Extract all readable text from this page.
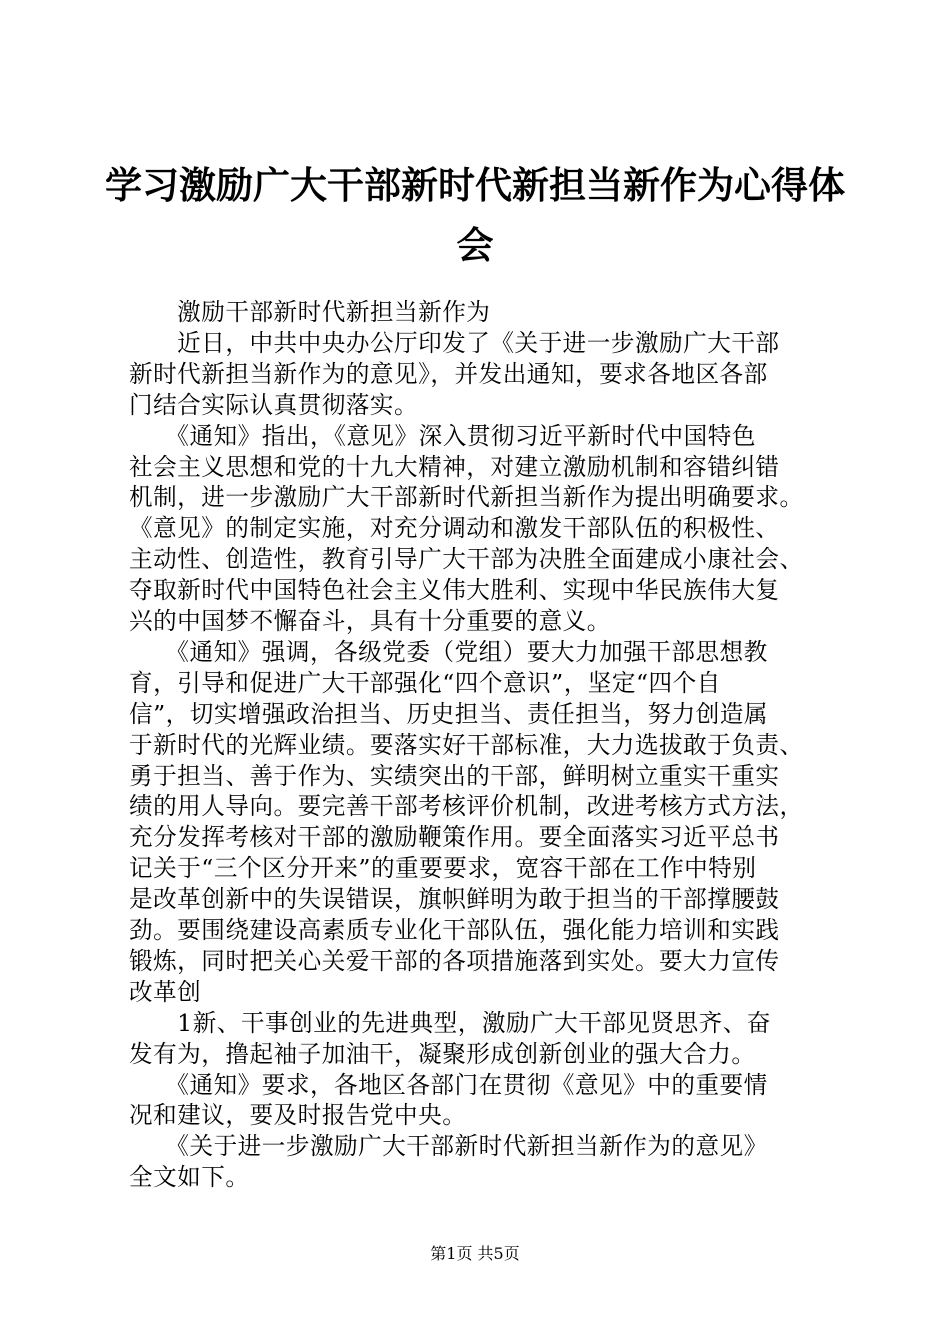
学习激励广大干部新时代新担当新作为心得体
会
　　激励干部新时代新担当新作为
　　近日，中共中央办公厅印发了《关于进一步激励广大干部
新时代新担当新作为的意见》，并发出通知，要求各地区各部
门结合实际认真贯彻落实。
　　《通知》指出，《意见》深入贯彻习近平新时代中国特色
社会主义思想和党的十九大精神，对建立激励机制和容错纠错
机制，进一步激励广大干部新时代新担当新作为提出明确要求。
《意见》的制定实施，对充分调动和激发干部队伍的积极性、
主动性、创造性，教育引导广大干部为决胜全面建成小康社会、
夺取新时代中国特色社会主义伟大胜利、实现中华民族伟大复
兴的中国梦不懈奋斗，具有十分重要的意义。
　　《通知》强调，各级党委（党组）要大力加强干部思想教
育，引导和促进广大干部强化“四个意识”，坚定“四个自
信”，切实增强政治担当、历史担当、责任担当，努力创造属
于新时代的光辉业绩。要落实好干部标准，大力选拔敢于负责、
勇于担当、善于作为、实绩突出的干部，鲜明树立重实干重实
绩的用人导向。要完善干部考核评价机制，改进考核方式方法，
充分发挥考核对干部的激励鞭策作用。要全面落实习近平总书
记关于“三个区分开来”的重要要求，宽容干部在工作中特别
是改革创新中的失误错误，旗帜鲜明为敢于担当的干部撑腰鼓
劲。要围绕建设高素质专业化干部队伍，强化能力培训和实践
锻炼，同时把关心关爱干部的各项措施落到实处。要大力宣传
改革创
　　1新、干事创业的先进典型，激励广大干部见贤思齐、奋
发有为，撸起袖子加油干，凝聚形成创新创业的强大合力。
　　《通知》要求，各地区各部门在贯彻《意见》中的重要情
况和建议，要及时报告党中央。
　　《关于进一步激励广大干部新时代新担当新作为的意见》
全文如下。
第1页 共5页
